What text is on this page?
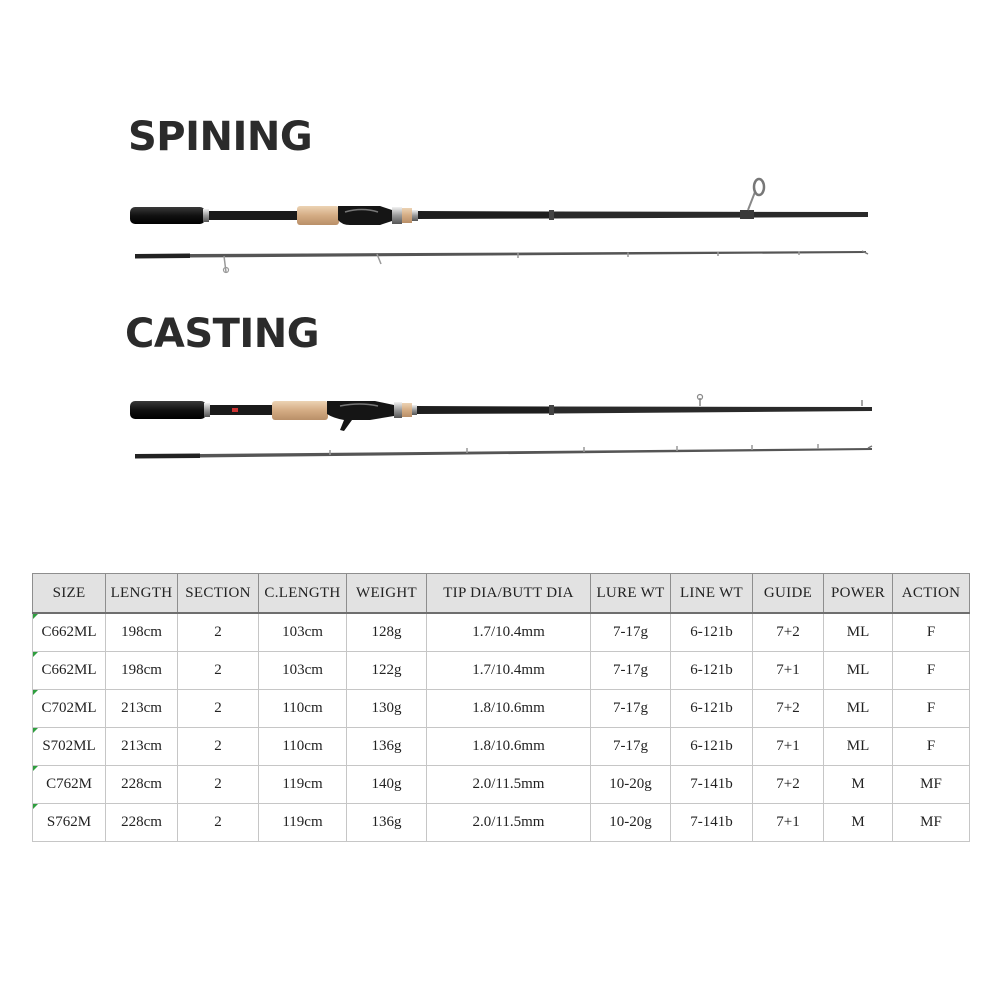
SPINING
CASTING
SIZE	LENGTH	SECTION	C.LENGTH	WEIGHT	TIP DIA/BUTT DIA	LURE WT	LINE WT	GUIDE	POWER	ACTION
C662ML	198cm	2	103cm	128g	1.7/10.4mm	7-17g	6-121b	7+2	ML	F
C662ML	198cm	2	103cm	122g	1.7/10.4mm	7-17g	6-121b	7+1	ML	F
C702ML	213cm	2	110cm	130g	1.8/10.6mm	7-17g	6-121b	7+2	ML	F
S702ML	213cm	2	110cm	136g	1.8/10.6mm	7-17g	6-121b	7+1	ML	F
C762M	228cm	2	119cm	140g	2.0/11.5mm	10-20g	7-141b	7+2	M	MF
S762M	228cm	2	119cm	136g	2.0/11.5mm	10-20g	7-141b	7+1	M	MF
